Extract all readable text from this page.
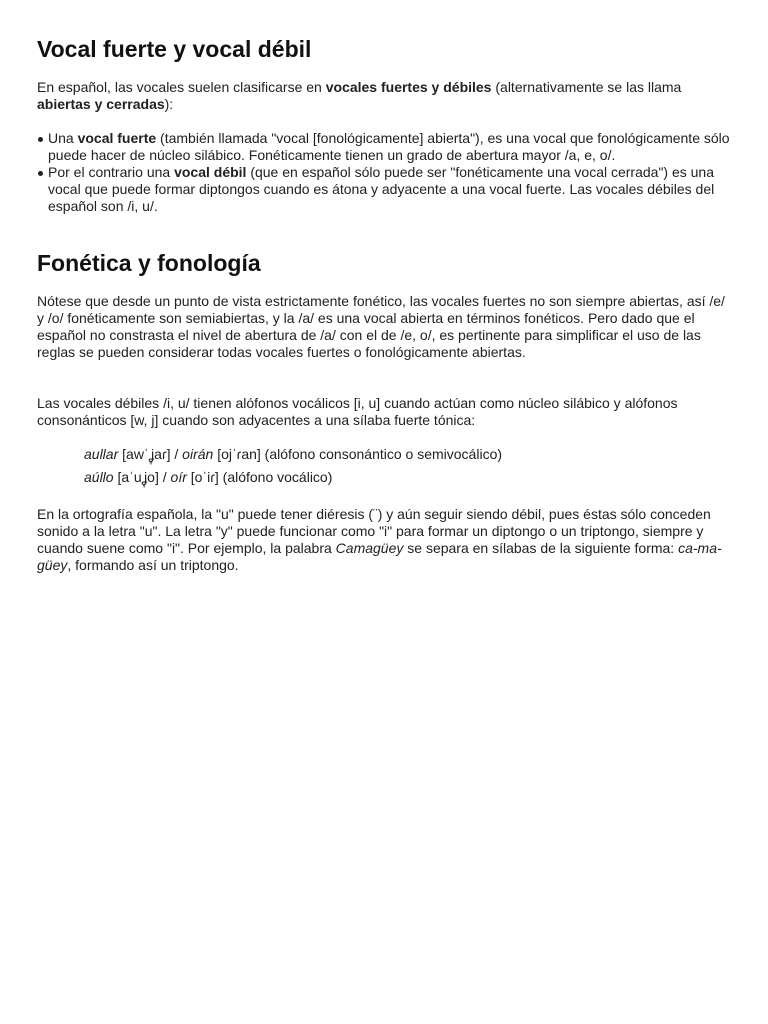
Vocal fuerte y vocal débil

En español, las vocales suelen clasificarse en vocales fuertes y débiles (alternativamente se las llama abiertas y cerradas):

Una vocal fuerte (también llamada "vocal [fonológicamente] abierta"), es una vocal que fonológicamente sólo puede hacer de núcleo silábico. Fonéticamente tienen un grado de abertura mayor /a, e, o/.
Por el contrario una vocal débil (que en español sólo puede ser "fonéticamente una vocal cerrada") es una vocal que puede formar diptongos cuando es átona y adyacente a una vocal fuerte. Las vocales débiles del español son /i, u/.
Fonética y fonología

Nótese que desde un punto de vista estrictamente fonético, las vocales fuertes no son siempre abiertas, así /e/ y /o/ fonéticamente son semiabiertas, y la /a/ es una vocal abierta en términos fonéticos. Pero dado que el español no constrasta el nivel de abertura de /a/ con el de /e, o/, es pertinente para simplificar el uso de las reglas se pueden considerar todas vocales fuertes o fonológicamente abiertas.

Las vocales débiles /i, u/ tienen alófonos vocálicos [i, u] cuando actúan como núcleo silábico y alófonos consonánticos [w, j] cuando son adyacentes a una sílaba fuerte tónica:

aullar [awˈʝ̞aɾ] / oirán [ojˈɾan] (alófono consonántico o semivocálico)
aúllo [aˈuʝ̞o] / oír [oˈiɾ] (alófono vocálico)

En la ortografía española, la "u" puede tener diéresis (¨) y aún seguir siendo débil, pues éstas sólo conceden sonido a la letra "u". La letra "y" puede funcionar como "i" para formar un diptongo o un triptongo, siempre y cuando suene como "i". Por ejemplo, la palabra Camagüey se separa en sílabas de la siguiente forma: ca-ma-güey, formando así un triptongo.
